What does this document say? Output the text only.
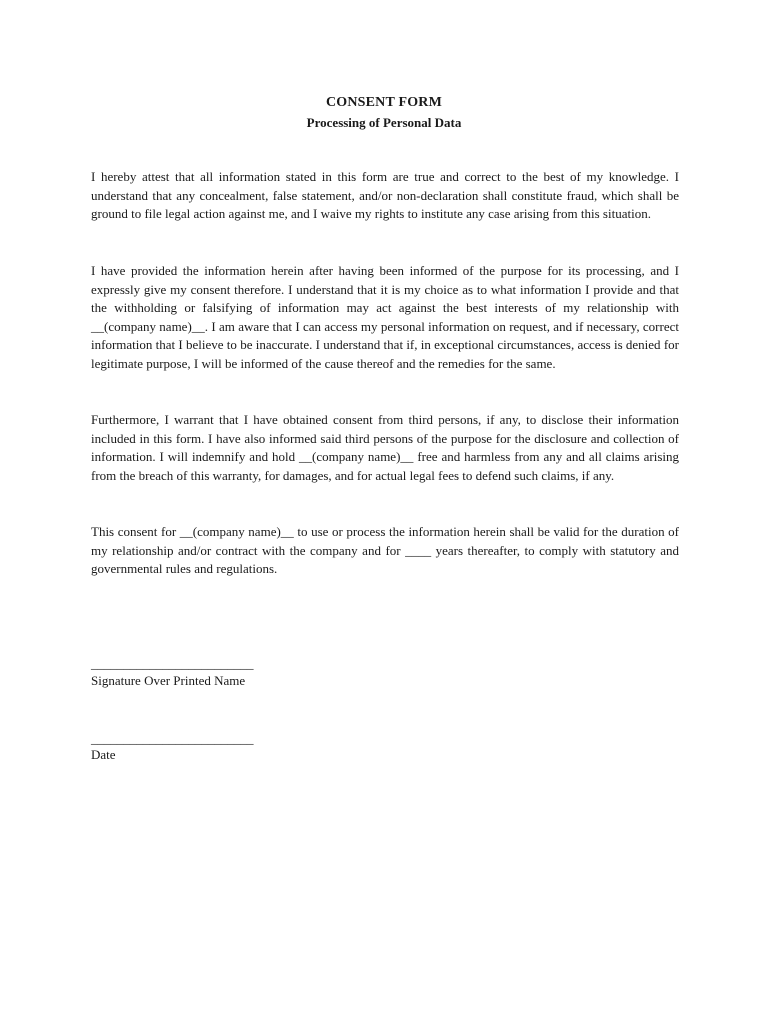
CONSENT FORM
Processing of Personal Data

I hereby attest that all information stated in this form are true and correct to the best of my knowledge. I understand that any concealment, false statement, and/or non-declaration shall constitute fraud, which shall be ground to file legal action against me, and I waive my rights to institute any case arising from this situation.

I have provided the information herein after having been informed of the purpose for its processing, and I expressly give my consent therefore. I understand that it is my choice as to what information I provide and that the withholding or falsifying of information may act against the best interests of my relationship with __(company name)__. I am aware that I can access my personal information on request, and if necessary, correct information that I believe to be inaccurate. I understand that if, in exceptional circumstances, access is denied for legitimate purpose, I will be informed of the cause thereof and the remedies for the same.

Furthermore, I warrant that I have obtained consent from third persons, if any, to disclose their information included in this form. I have also informed said third persons of the purpose for the disclosure and collection of information. I will indemnify and hold __(company name)__ free and harmless from any and all claims arising from the breach of this warranty, for damages, and for actual legal fees to defend such claims, if any.

This consent for __(company name)__ to use or process the information herein shall be valid for the duration of my relationship and/or contract with the company and for ____ years thereafter, to comply with statutory and governmental rules and regulations.

_________________________
Signature Over Printed Name
_________________________
Date
